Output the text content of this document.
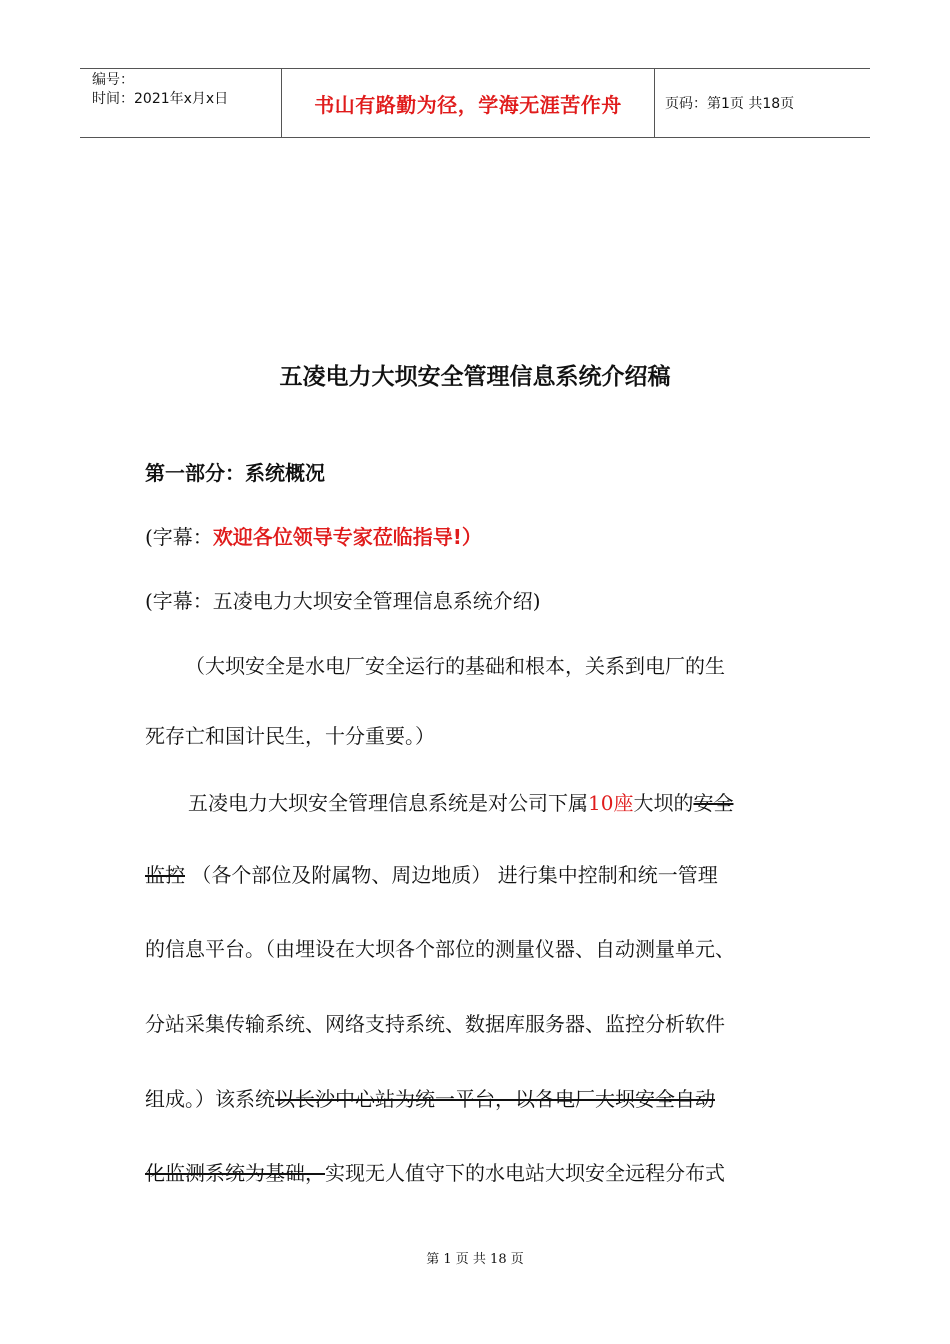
编号：
时间：2021年x月x日	书山有路勤为径，学海无涯苦作舟	页码：第1页 共18页
五凌电力大坝安全管理信息系统介绍稿
第一部分：系统概况
(字幕：欢迎各位领导专家莅临指导!）
(字幕：五凌电力大坝安全管理信息系统介绍)
（大坝安全是水电厂安全运行的基础和根本，关系到电厂的生
死存亡和国计民生，十分重要。）
五凌电力大坝安全管理信息系统是对公司下属10座大坝的安全
监控 （各个部位及附属物、周边地质） 进行集中控制和统一管理
的信息平台。（由埋设在大坝各个部位的测量仪器、自动测量单元、
分站采集传输系统、网络支持系统、数据库服务器、监控分析软件
组成。）该系统以长沙中心站为统一平台，以各电厂大坝安全自动
化监测系统为基础，实现无人值守下的水电站大坝安全远程分布式
第 1 页 共 18 页
